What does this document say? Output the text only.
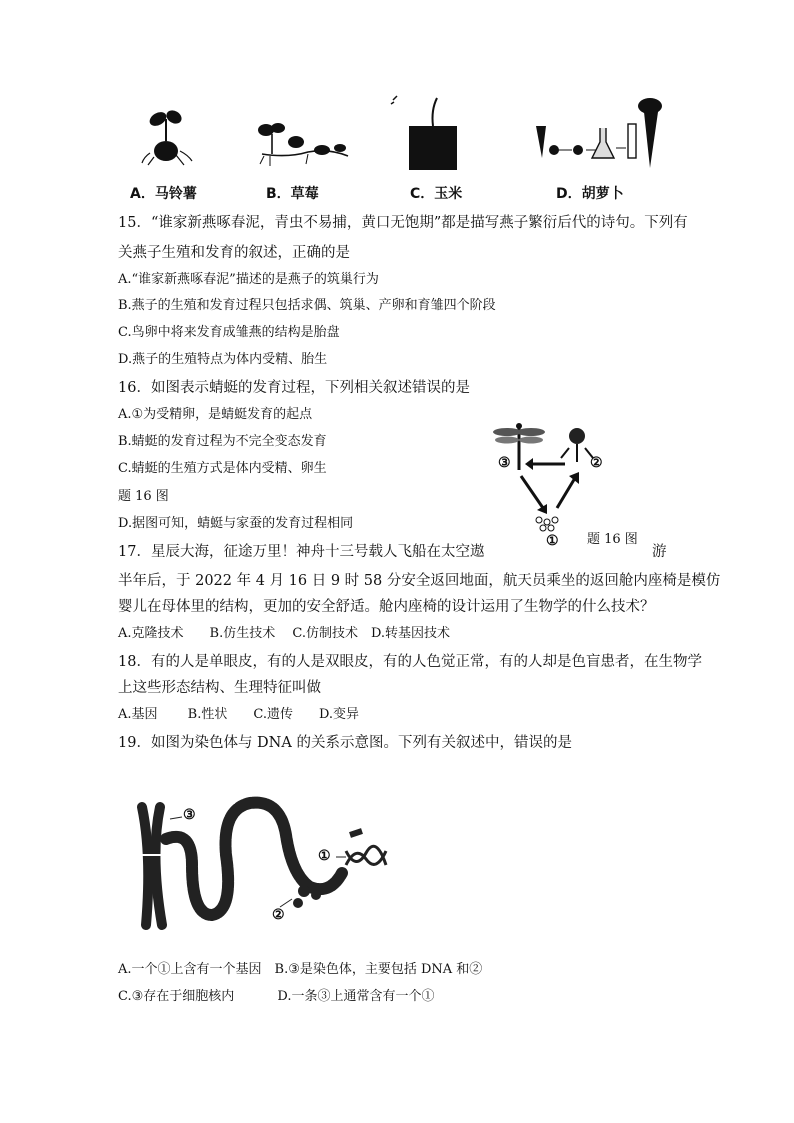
A．马铃薯	B．草莓	C．玉米	D．胡萝卜
15．“谁家新燕啄春泥，青虫不易捕，黄口无饱期”都是描写燕子繁衍后代的诗句。下列有
关燕子生殖和发育的叙述，正确的是
A.“谁家新燕啄春泥”描述的是燕子的筑巢行为
B.燕子的生殖和发育过程只包括求偶、筑巢、产卵和育雏四个阶段
C.鸟卵中将来发育成雏燕的结构是胎盘
D.燕子的生殖特点为体内受精、胎生
16．如图表示蜻蜓的发育过程，下列相关叙述错误的是
A.①为受精卵，是蜻蜓发育的起点
B.蜻蜓的发育过程为不完全变态发育
C.蜻蜓的生殖方式是体内受精、卵生
题 16 图
D.据图可知，蜻蜓与家蚕的发育过程相同
③	②
① 题 16 图
17．星辰大海，征途万里！神舟十三号载人飞船在太空遨	游
半年后，于 2022 年 4 月 16 日 9 时 58 分安全返回地面，航天员乘坐的返回舱内座椅是模仿
婴儿在母体里的结构，更加的安全舒适。舱内座椅的设计运用了生物学的什么技术？
A.克隆技术　　B.仿生技术　 C.仿制技术　D.转基因技术
18．有的人是单眼皮，有的人是双眼皮，有的人色觉正常，有的人却是色盲患者，在生物学
上这些形态结构、生理特征叫做
A.基因　　 B.性状　　C.遗传　　D.变异
19．如图为染色体与 DNA 的关系示意图。下列有关叙述中，错误的是
③
①
②
A.一个①上含有一个基因　B.③是染色体，主要包括 DNA 和②
C.③存在于细胞核内　　　 D.一条③上通常含有一个①
